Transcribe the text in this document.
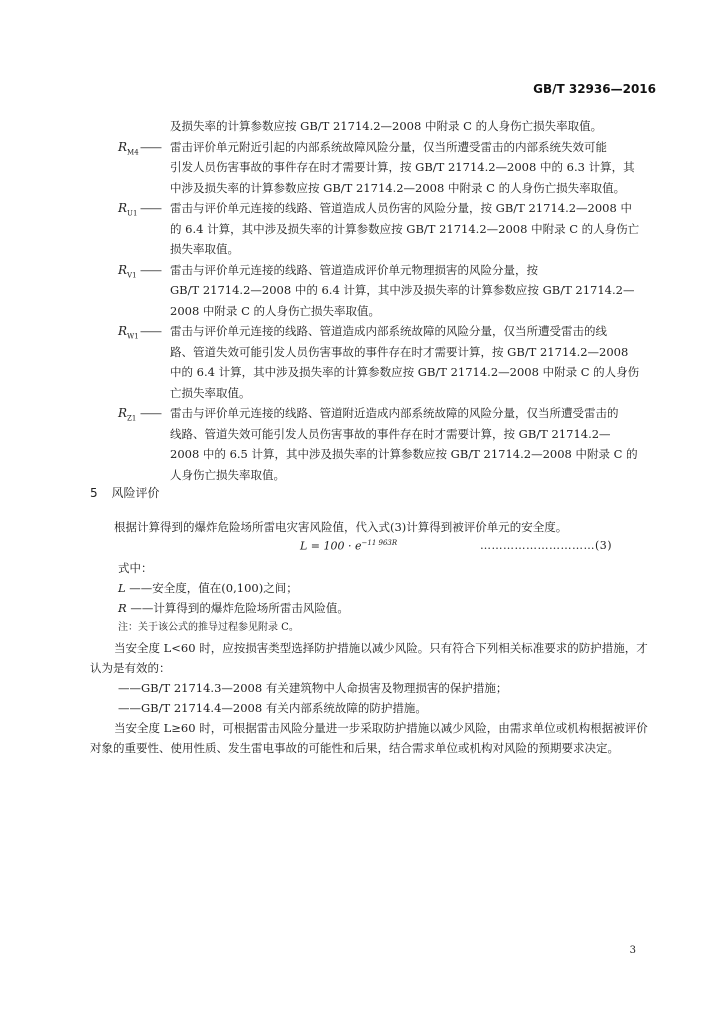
GB/T 32936—2016

及损失率的计算参数应按 GB/T 21714.2—2008 中附录 C 的人身伤亡损失率取值。

$R_{M4}$ —— 雷击评价单元附近引起的内部系统故障风险分量，仅当所遭受雷击的内部系统失效可能
引发人员伤害事故的事件存在时才需要计算，按 GB/T 21714.2—2008 中的 6.3 计算，其
中涉及损失率的计算参数应按 GB/T 21714.2—2008 中附录 C 的人身伤亡损失率取值。

$R_{U1}$ —— 雷击与评价单元连接的线路、管道造成人员伤害的风险分量，按 GB/T 21714.2—2008 中
的 6.4 计算，其中涉及损失率的计算参数应按 GB/T 21714.2—2008 中附录 C 的人身伤亡
损失率取值。

$R_{V1}$ —— 雷击与评价单元连接的线路、管道造成评价单元物理损害的风险分量，按
GB/T 21714.2—2008 中的 6.4 计算，其中涉及损失率的计算参数应按 GB/T 21714.2—
2008 中附录 C 的人身伤亡损失率取值。

$R_{W1}$ —— 雷击与评价单元连接的线路、管道造成内部系统故障的风险分量，仅当所遭受雷击的线
路、管道失效可能引发人员伤害事故的事件存在时才需要计算，按 GB/T 21714.2—2008
中的 6.4 计算，其中涉及损失率的计算参数应按 GB/T 21714.2—2008 中附录 C 的人身伤
亡损失率取值。

$R_{Z1}$ —— 雷击与评价单元连接的线路、管道附近造成内部系统故障的风险分量，仅当所遭受雷击的
线路、管道失效可能引发人员伤害事故的事件存在时才需要计算，按 GB/T 21714.2—
2008 中的 6.5 计算，其中涉及损失率的计算参数应按 GB/T 21714.2—2008 中附录 C 的
人身伤亡损失率取值。

5 风险评价

根据计算得到的爆炸危险场所雷电灾害风险值，代入式(3)计算得到被评价单元的安全度。

$L = 100 \cdot e^{-11 963R}$	…………………………(3)

式中：

L ——安全度，值在(0,100)之间；

R ——计算得到的爆炸危险场所雷击风险值。

注：关于该公式的推导过程参见附录 C。

当安全度 L<60 时，应按损害类型选择防护措施以减少风险。只有符合下列相关标准要求的防护措施，才认为是有效的：

——GB/T 21714.3—2008 有关建筑物中人命损害及物理损害的保护措施；

——GB/T 21714.4—2008 有关内部系统故障的防护措施。

当安全度 L≥60 时，可根据雷击风险分量进一步采取防护措施以减少风险，由需求单位或机构根据被评价对象的重要性、使用性质、发生雷电事故的可能性和后果，结合需求单位或机构对风险的预期要求决定。

3
